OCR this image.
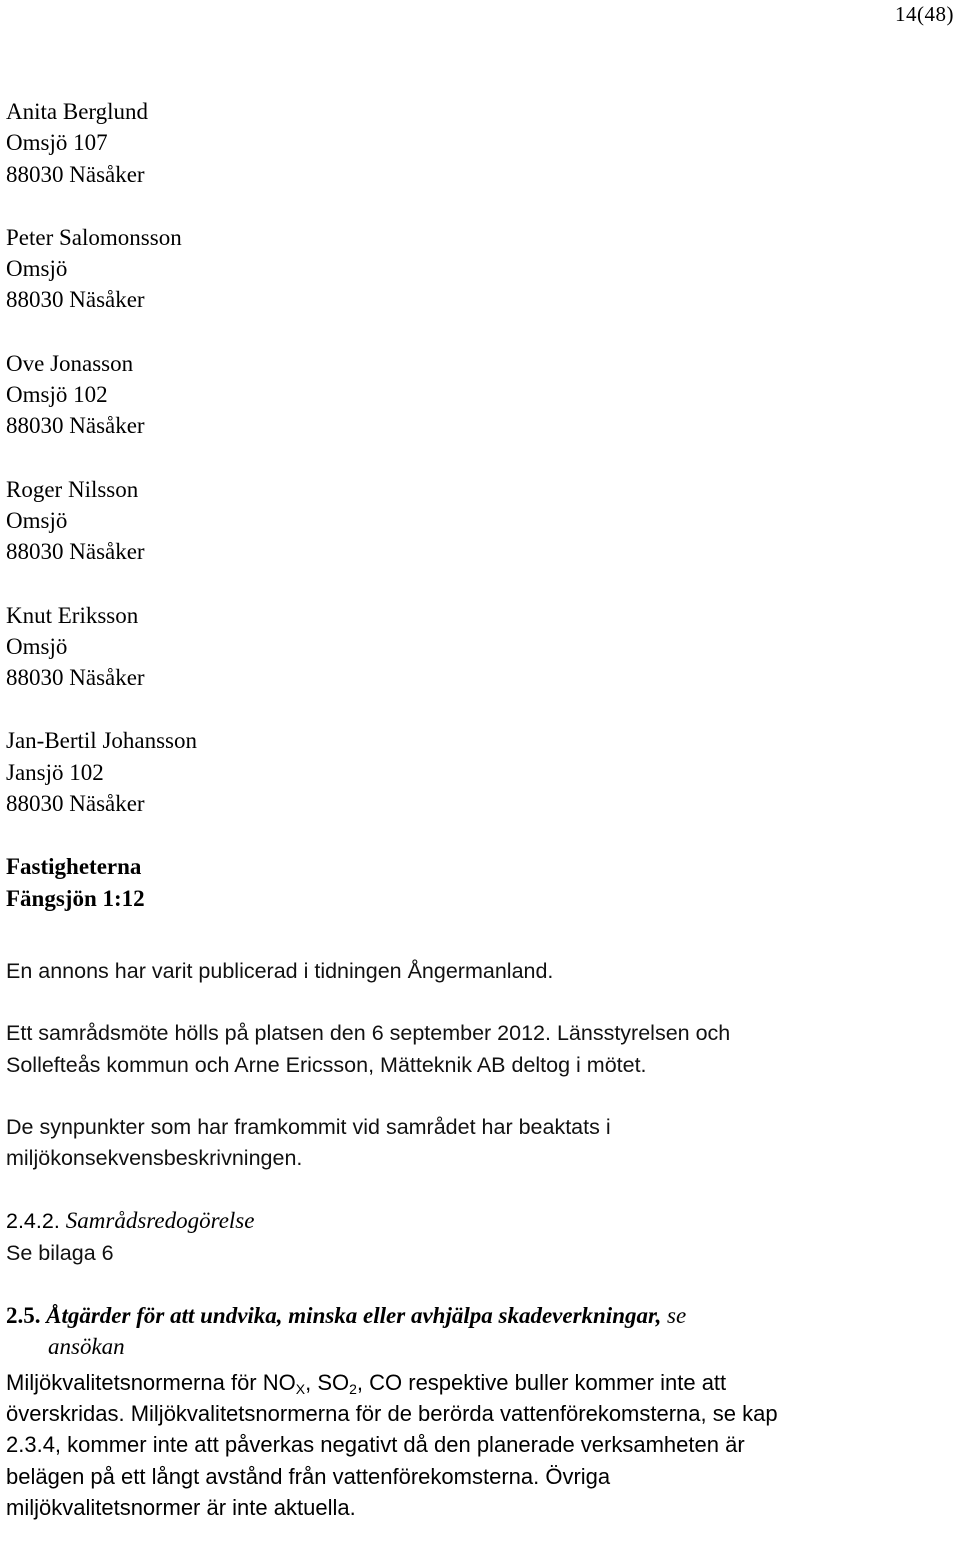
14(48)
Anita Berglund
Omsjö 107
88030 Näsåker
Peter Salomonsson
Omsjö
88030 Näsåker
Ove Jonasson
Omsjö 102
88030 Näsåker
Roger Nilsson
Omsjö
88030 Näsåker
Knut Eriksson
Omsjö
88030 Näsåker
Jan-Bertil Johansson
Jansjö 102
88030 Näsåker
Fastigheterna
Fängsjön 1:12

En annons har varit publicerad i tidningen Ångermanland.

Ett samrådsmöte hölls på platsen den 6 september 2012. Länsstyrelsen och

Sollefteås kommun och Arne Ericsson, Mätteknik AB deltog i mötet.

De synpunkter som har framkommit vid samrådet har beaktats i

miljökonsekvensbeskrivningen.

2.4.2. Samrådsredogörelse

Se bilaga 6

2.5. Åtgärder för att undvika, minska eller avhjälpa skadeverkningar, se
ansökan

Miljökvalitetsnormerna för $NO_X$, $SO_2$, CO respektive buller kommer inte att

överskridas. Miljökvalitetsnormerna för de berörda vattenförekomsterna, se kap

2.3.4, kommer inte att påverkas negativt då den planerade verksamheten är

belägen på ett långt avstånd från vattenförekomsterna. Övriga

miljökvalitetsnormer är inte aktuella.
